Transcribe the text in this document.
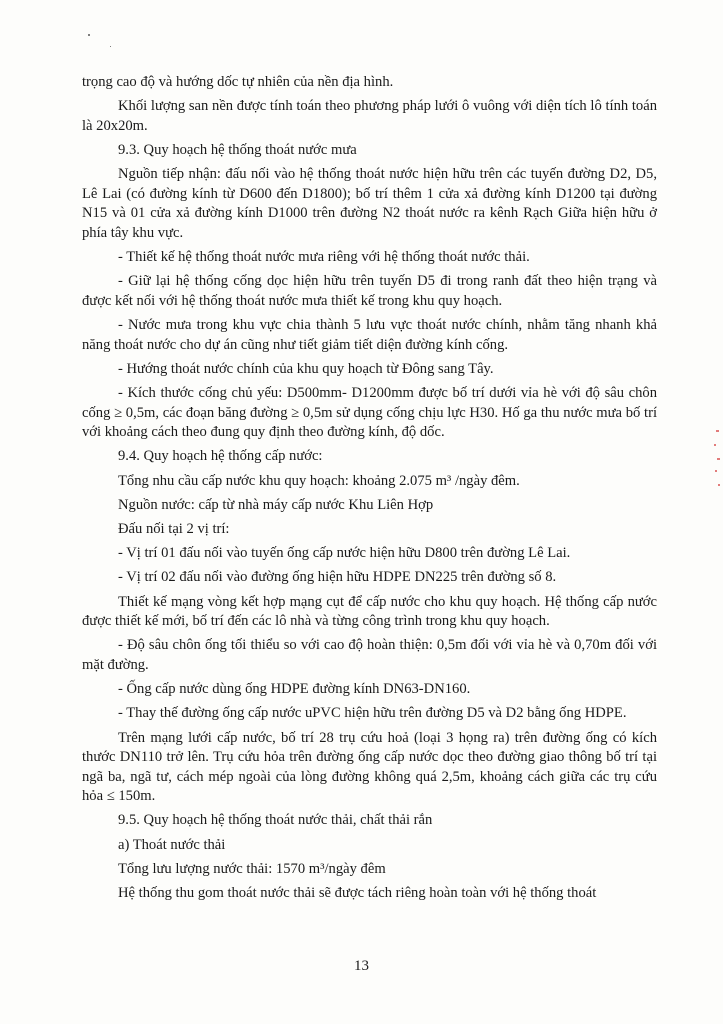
trọng cao độ và hướng dốc tự nhiên của nền địa hình.

Khối lượng san nền được tính toán theo phương pháp lưới ô vuông với diện tích lô tính toán là 20x20m.

9.3. Quy hoạch hệ thống thoát nước mưa

Nguồn tiếp nhận: đấu nối vào hệ thống thoát nước hiện hữu trên các tuyến đường D2, D5, Lê Lai (có đường kính từ D600 đến D1800); bố trí thêm 1 cửa xả đường kính D1200 tại đường N15 và 01 cửa xả đường kính D1000 trên đường N2 thoát nước ra kênh Rạch Giữa hiện hữu ở phía tây khu vực.

- Thiết kế hệ thống thoát nước mưa riêng với hệ thống thoát nước thải.

- Giữ lại hệ thống cống dọc hiện hữu trên tuyến D5 đi trong ranh đất theo hiện trạng và được kết nối với hệ thống thoát nước mưa thiết kế trong khu quy hoạch.

- Nước mưa trong khu vực chia thành 5 lưu vực thoát nước chính, nhằm tăng nhanh khả năng thoát nước cho dự án cũng như tiết giảm tiết diện đường kính cống.

- Hướng thoát nước chính của khu quy hoạch từ Đông sang Tây.

- Kích thước cống chủ yếu: D500mm- D1200mm được bố trí dưới vỉa hè với độ sâu chôn cống ≥ 0,5m, các đoạn băng đường ≥ 0,5m sử dụng cống chịu lực H30. Hố ga thu nước mưa bố trí với khoảng cách theo đung quy định theo đường kính, độ dốc.

9.4. Quy hoạch hệ thống cấp nước:

Tổng nhu cầu cấp nước khu quy hoạch: khoảng 2.075 m³ /ngày đêm.

Nguồn nước: cấp từ nhà máy cấp nước Khu Liên Hợp

Đấu nối tại 2 vị trí:

- Vị trí 01 đấu nối vào tuyến ống cấp nước hiện hữu D800 trên đường Lê Lai.

- Vị trí 02 đấu nối vào đường ống hiện hữu HDPE DN225 trên đường số 8.

Thiết kế mạng vòng kết hợp mạng cụt để cấp nước cho khu quy hoạch. Hệ thống cấp nước được thiết kế mới, bố trí đến các lô nhà và từng công trình trong khu quy hoạch.

- Độ sâu chôn ống tối thiểu so với cao độ hoàn thiện: 0,5m đối với vỉa hè và 0,70m đối với mặt đường.

- Ống cấp nước dùng ống HDPE đường kính DN63-DN160.

- Thay thế đường ống cấp nước uPVC hiện hữu trên đường D5 và D2 bằng ống HDPE.

Trên mạng lưới cấp nước, bố trí 28 trụ cứu hoả (loại 3 họng ra) trên đường ống có kích thước DN110 trở lên. Trụ cứu hỏa trên đường ống cấp nước dọc theo đường giao thông bố trí tại ngã ba, ngã tư, cách mép ngoài của lòng đường không quá 2,5m, khoảng cách giữa các trụ cứu hỏa ≤ 150m.

9.5. Quy hoạch hệ thống thoát nước thải, chất thải rắn

a) Thoát nước thải

Tổng lưu lượng nước thải: 1570 m³/ngày đêm

Hệ thống thu gom thoát nước thải sẽ được tách riêng hoàn toàn với hệ thống thoát

13
